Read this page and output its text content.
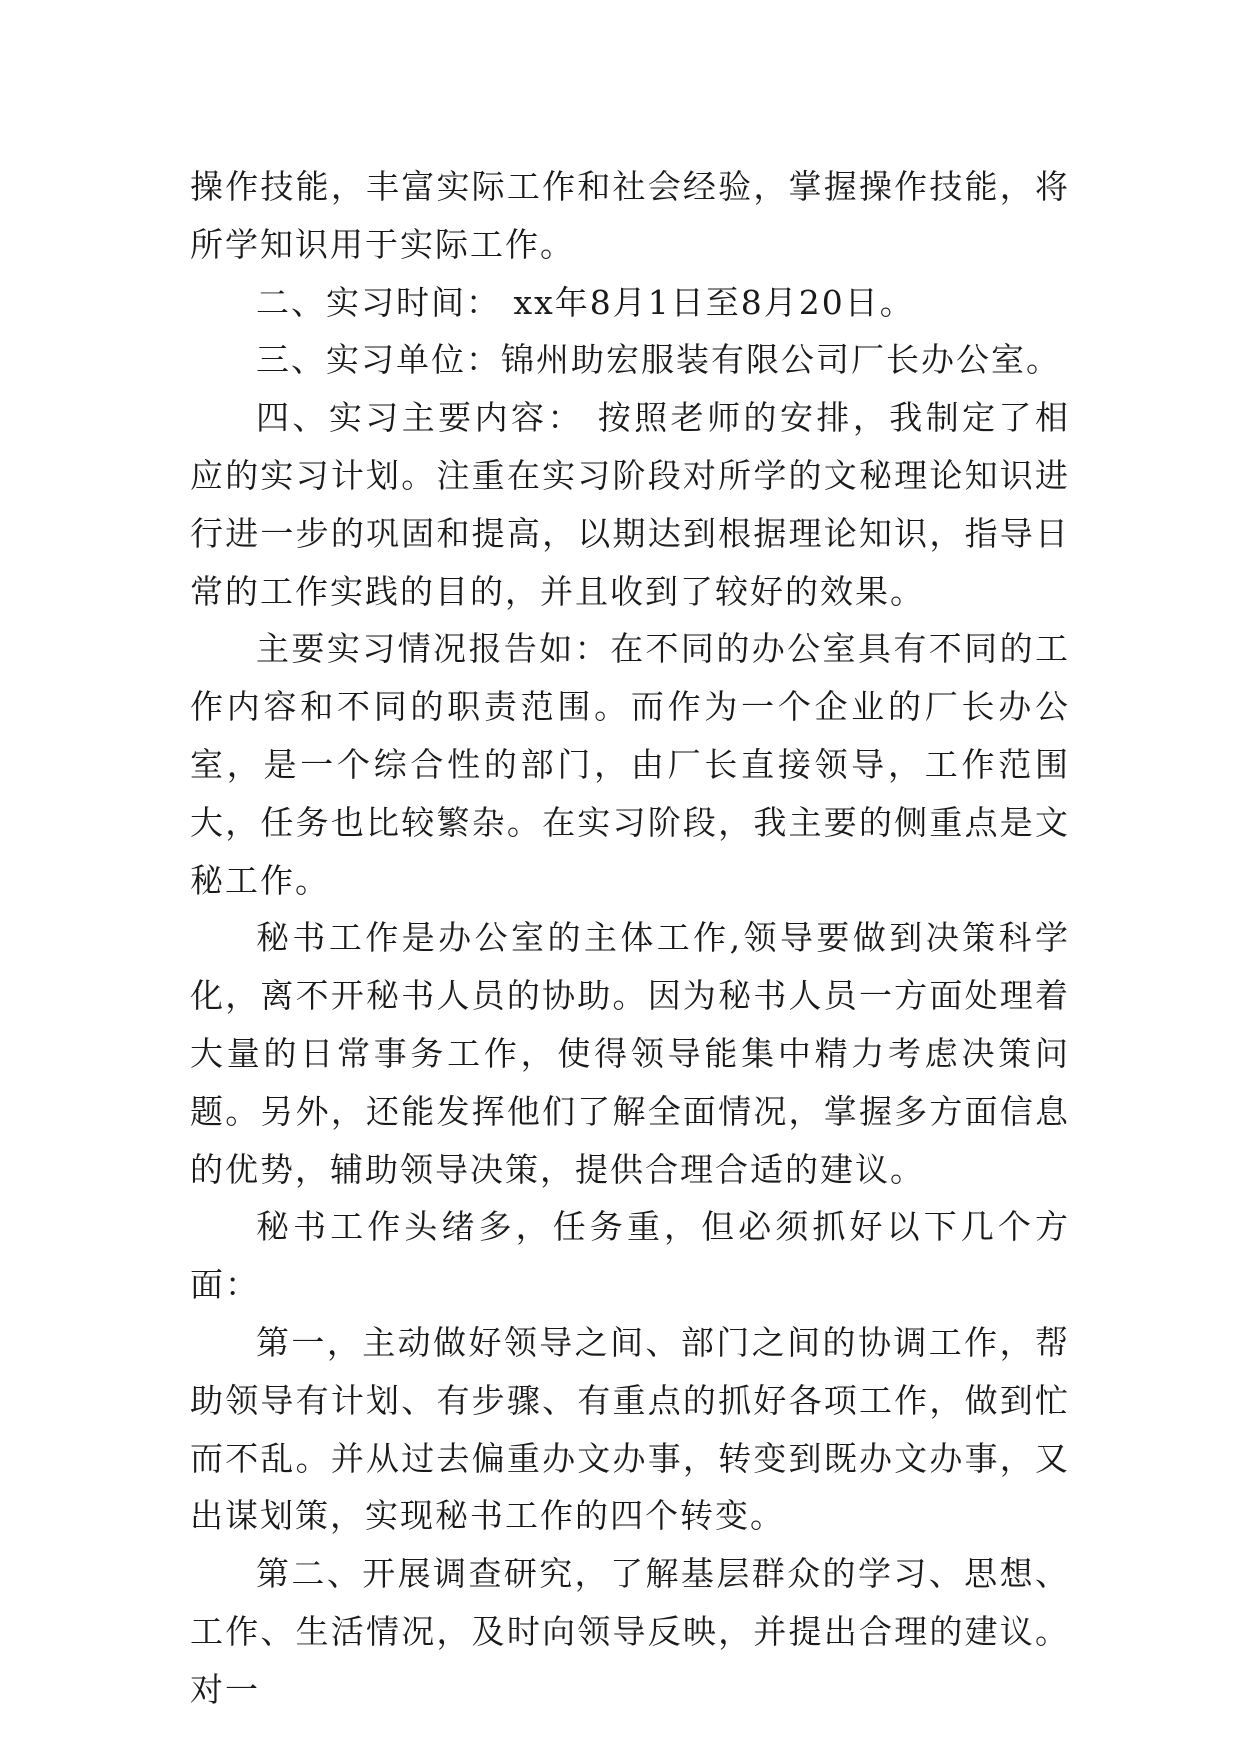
操作技能，丰富实际工作和社会经验，掌握操作技能，将所学知识用于实际工作。

二、实习时间： xx年8月1日至8月20日。

三、实习单位：锦州助宏服装有限公司厂长办公室。

四、实习主要内容： 按照老师的安排，我制定了相应的实习计划。注重在实习阶段对所学的文秘理论知识进行进一步的巩固和提高，以期达到根据理论知识，指导日常的工作实践的目的，并且收到了较好的效果。

主要实习情况报告如：在不同的办公室具有不同的工作内容和不同的职责范围。而作为一个企业的厂长办公室，是一个综合性的部门，由厂长直接领导，工作范围大，任务也比较繁杂。在实习阶段，我主要的侧重点是文秘工作。

秘书工作是办公室的主体工作,领导要做到决策科学化，离不开秘书人员的协助。因为秘书人员一方面处理着大量的日常事务工作，使得领导能集中精力考虑决策问题。另外，还能发挥他们了解全面情况，掌握多方面信息的优势，辅助领导决策，提供合理合适的建议。

秘书工作头绪多，任务重，但必须抓好以下几个方面：

第一，主动做好领导之间、部门之间的协调工作，帮助领导有计划、有步骤、有重点的抓好各项工作，做到忙而不乱。并从过去偏重办文办事，转变到既办文办事，又出谋划策，实现秘书工作的四个转变。

第二、开展调查研究，了解基层群众的学习、思想、工作、生活情况，及时向领导反映，并提出合理的建议。对一
